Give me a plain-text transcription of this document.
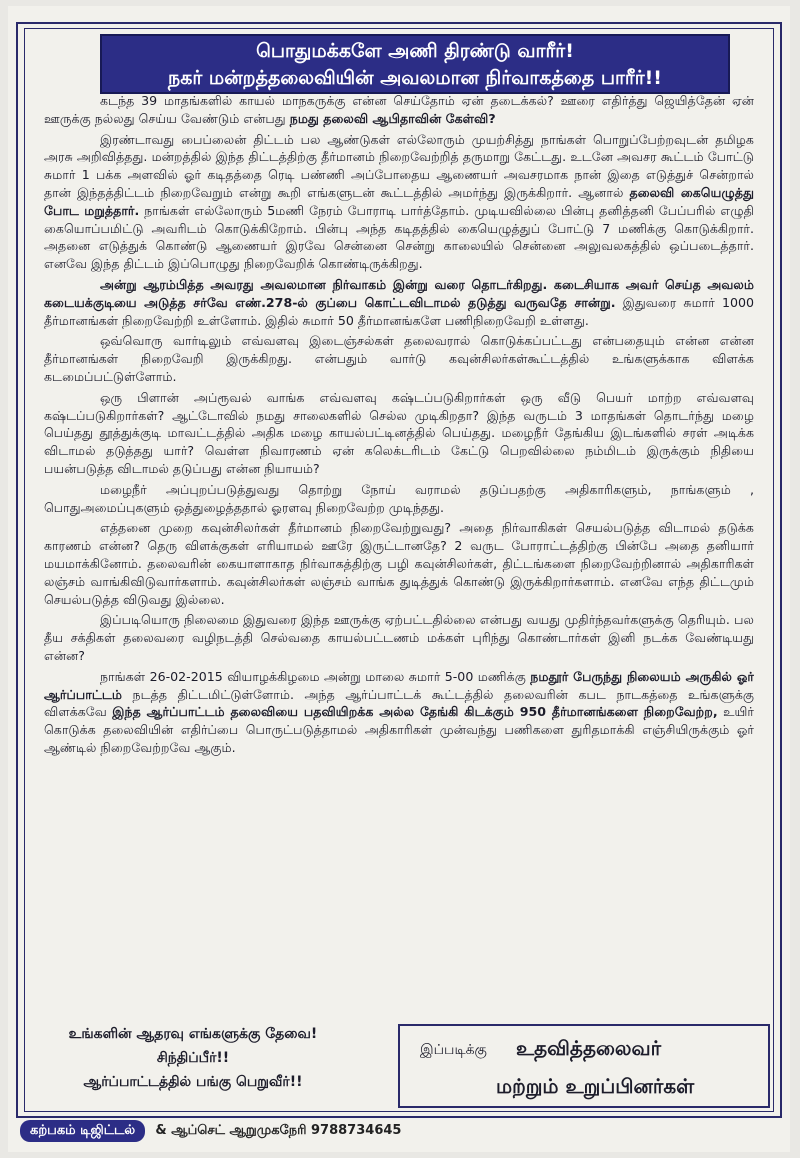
பொதுமக்களே அணி திரண்டு வாரீர்!
நகர் மன்றத்தலைவியின் அவலமான நிர்வாகத்தை பாரீர்!!

கடந்த 39 மாதங்களில் காயல் மாநகருக்கு என்ன செய்தோம் ஏன் தடைக்கல்? ஊரை எதிர்த்து ஜெயித்தேன் ஏன் ஊருக்கு நல்லது செய்ய வேண்டும் என்பது நமது தலைவி ஆபிதாவின் கேள்வி?

இரண்டாவது பைப்லைன் திட்டம் பல ஆண்டுகள் எல்லோரும் முயற்சித்து நாங்கள் பொறுப்பேற்றவுடன் தமிழக அரசு அறிவித்தது. மன்றத்தில் இந்த திட்டத்திற்கு தீர்மானம் நிறைவேற்றித் தருமாறு கேட்டது. உடனே அவசர கூட்டம் போட்டு சுமார் 1 பக்க அளவில் ஓர் கடிதத்தை ரெடி பண்ணி அப்போதைய ஆணையர் அவசரமாக நான் இதை எடுத்துச் சென்றால் தான் இந்தத்திட்டம் நிறைவேறும் என்று கூறி எங்களுடன் கூட்டத்தில் அமர்ந்து இருக்கிறார். ஆனால் தலைவி கையெழுத்து போட மறுத்தார். நாங்கள் எல்லோரும் 5மணி நேரம் போராடி பார்த்தோம். முடியவில்லை பின்பு தனித்தனி பேப்பரில் எழுதி கையொப்பமிட்டு அவரிடம் கொடுக்கிறோம். பின்பு அந்த கடிதத்தில் கையெழுத்துப் போட்டு 7 மணிக்கு கொடுக்கிறார். அதனை எடுத்துக் கொண்டு ஆணையர் இரவே சென்னை சென்று காலையில் சென்னை அலுவலகத்தில் ஒப்படைத்தார். எனவே இந்த திட்டம் இப்பொழுது நிறைவேறிக் கொண்டிருக்கிறது.

அன்று ஆரம்பித்த அவரது அவலமான நிர்வாகம் இன்று வரை தொடர்கிறது. கடைசியாக அவர் செய்த அவலம் கடையக்குடியை அடுத்த சர்வே எண்.278-ல் குப்பை கொட்டவிடாமல் தடுத்து வருவதே சான்று. இதுவரை சுமார் 1000 தீர்மானங்கள் நிறைவேற்றி உள்ளோம். இதில் சுமார் 50 தீர்மானங்களே பணிநிறைவேறி உள்ளது.

ஒவ்வொரு வார்டிலும் எவ்வளவு இடைஞ்சல்கள் தலைவரால் கொடுக்கப்பட்டது என்பதையும் என்ன என்ன தீர்மானங்கள் நிறைவேறி இருக்கிறது. என்பதும் வார்டு கவுன்சிலர்கள்கூட்டத்தில் உங்களுக்காக விளக்க கடமைப்பட்டுள்ளோம்.

ஒரு பிளான் அப்ரூவல் வாங்க எவ்வளவு கஷ்டப்படுகிறார்கள் ஒரு வீடு பெயர் மாற்ற எவ்வளவு கஷ்டப்படுகிறார்கள்? ஆட்டோவில் நமது சாலைகளில் செல்ல முடிகிறதா? இந்த வருடம் 3 மாதங்கள் தொடர்ந்து மழை பெய்தது தூத்துக்குடி மாவட்டத்தில் அதிக மழை காயல்பட்டினத்தில் பெய்தது. மழைநீர் தேங்கிய இடங்களில் சரள் அடிக்க விடாமல் தடுத்தது யார்? வெள்ள நிவாரணம் ஏன் கலெக்டரிடம் கேட்டு பெறவில்லை நம்மிடம் இருக்கும் நிதியை பயன்படுத்த விடாமல் தடுப்பது என்ன நியாயம்?

மழைநீர் அப்புறப்படுத்துவது தொற்று நோய் வராமல் தடுப்பதற்கு அதிகாரிகளும், நாங்களும் , பொதுஅமைப்புகளும் ஒத்துழைத்ததால் ஓரளவு நிறைவேற்ற முடிந்தது.

எத்தனை முறை கவுன்சிலர்கள் தீர்மானம் நிறைவேற்றுவது? அதை நிர்வாகிகள் செயல்படுத்த விடாமல் தடுக்க காரணம் என்ன? தெரு விளக்குகள் எரியாமல் ஊரே இருட்டானதே? 2 வருட போராட்டத்திற்கு பின்பே அதை தனியார் மயமாக்கினோம். தலைவரின் கையாளாகாத நிர்வாகத்திற்கு பழி கவுன்சிலர்கள், திட்டங்களை நிறைவேற்றினால் அதிகாரிகள் லஞ்சம் வாங்கிவிடுவார்களாம். கவுன்சிலர்கள் லஞ்சம் வாங்க துடித்துக் கொண்டு இருக்கிறார்களாம். எனவே எந்த திட்டமும் செயல்படுத்த விடுவது இல்லை.

இப்படியொரு நிலைமை இதுவரை இந்த ஊருக்கு ஏற்பட்டதில்லை என்பது வயது முதிர்ந்தவர்களுக்கு தெரியும். பல தீய சக்திகள் தலைவரை வழிநடத்தி செல்வதை காயல்பட்டணம் மக்கள் புரிந்து கொண்டார்கள் இனி நடக்க வேண்டியது என்ன?

நாங்கள் 26-02-2015 வியாழக்கிழமை அன்று மாலை சுமார் 5-00 மணிக்கு நமதூர் பேருந்து நிலையம் அருகில் ஓர் ஆர்ப்பாட்டம் நடத்த திட்டமிட்டுள்ளோம். அந்த ஆர்ப்பாட்டக் கூட்டத்தில் தலைவரின் கபட நாடகத்தை உங்களுக்கு விளக்கவே இந்த ஆர்ப்பாட்டம் தலைவியை பதவியிறக்க அல்ல தேங்கி கிடக்கும் 950 தீர்மானங்களை நிறைவேற்ற, உயிர் கொடுக்க தலைவியின் எதிர்ப்பை பொருட்படுத்தாமல் அதிகாரிகள் முன்வந்து பணிகளை துரிதமாக்கி எஞ்சியிருக்கும் ஓர் ஆண்டில் நிறைவேற்றவே ஆகும்.

உங்களின் ஆதரவு எங்களுக்கு தேவை!
சிந்திப்பீர்!!
ஆர்ப்பாட்டத்தில் பங்கு பெறுவீர்!!
இப்படிக்கு உதவித்தலைவர்
மற்றும் உறுப்பினர்கள்
கற்பகம் டிஜிட்டல் & ஆப்செட் ஆறுமுகநேரி 9788734645
